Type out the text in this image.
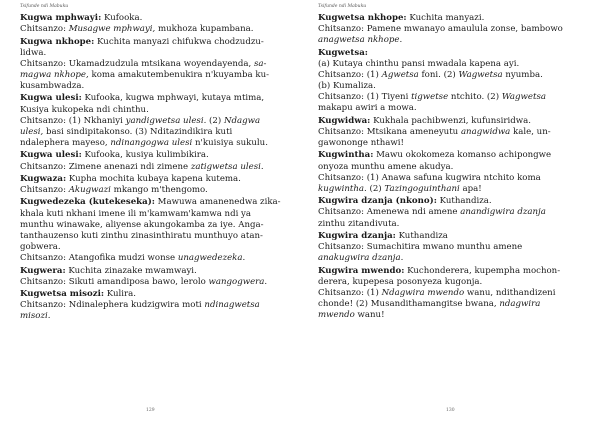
Tsifunde ndi Mabuku
Kugwa mphwayi: Kufooka.
Chitsanzo: Musagwe mphwayi, mukhoza kupambana.
Kugwa nkhope: Kuchita manyazi chifukwa chodzudzu-
lidwa.
Chitsanzo: Ukamadzudzula mtsikana woyendayenda, sa-
magwa nkhope, koma amakutembenukira n'kuyamba ku-
kusambwadza.
Kugwa ulesi: Kufooka, kugwa mphwayi, kutaya mtima,
Kusiya kukopeka ndi chinthu.
Chitsanzo: (1) Nkhaniyi yandigwetsa ulesi. (2) Ndagwa
ulesi, basi sindipitakonso. (3) Nditazindikira kuti
ndalephera mayeso, ndinangogwa ulesi n'kuisiya sukulu.
Kugwa ulesi: Kufooka, kusiya kulimbikira.
Chitsanzo: Zimene anenazi ndi zimene zatigwetsa ulesi.
Kugwaza: Kupha mochita kubaya kapena kutema.
Chitsanzo: Akugwazi mkango m'thengomo.
Kugwedezeka (kutekeseka): Mawuwa amanenedwa zika-
khala kuti nkhani imene ili m'kamwam'kamwa ndi ya
munthu winawake, aliyense akungokamba za iye. Anga-
tanthauzenso kuti zinthu zinasinthiratu munthuyo atan-
gobwera.
Chitsanzo: Atangofika mudzi wonse unagwedezeka.
Kugwera: Kuchita zinazake mwamwayi.
Chitsanzo: Sikuti amandiposa bawo, lerolo wangogwera.
Kugwetsa misozi: Kulira.
Chitsanzo: Ndinalephera kudzigwira moti ndinagwetsa
misozi.
129
Tsifunde ndi Mabuku
Kugwetsa nkhope: Kuchita manyazi.
Chitsanzo: Pamene mwanayo amaulula zonse, bambowo
anagwetsa nkhope.
Kugwetsa:
(a) Kutaya chinthu pansi mwadala kapena ayi.
Chitsanzo: (1) Agwetsa foni. (2) Wagwetsa nyumba.
(b) Kumaliza.
Chitsanzo: (1) Tiyeni tigwetse ntchito. (2) Wagwetsa
makapu awiri a mowa.
Kugwidwa: Kukhala pachibwenzi, kufunsiridwa.
Chitsanzo: Mtsikana ameneyutu anagwidwa kale, un-
gawononge nthawi!
Kugwintha: Mawu okokomeza komanso achipongwe
onyoza munthu amene akudya.
Chitsanzo: (1) Anawa safuna kugwira ntchito koma
kugwintha. (2) Tazingoguinthani apa!
Kugwira dzanja (nkono): Kuthandiza.
Chitsanzo: Amenewa ndi amene anandigwira dzanja
zinthu zitandivuta.
Kugwira dzanja: Kuthandiza
Chitsanzo: Sumachitira mwano munthu amene
anakugwira dzanja.
Kugwira mwendo: Kuchonderera, kupempha mochon-
derera, kupepesa posonyeza kugonja.
Chitsanzo: (1) Ndagwira mwendo wanu, ndithandizeni
chonde! (2) Musandithamangitse bwana, ndagwira
mwendo wanu!
130
